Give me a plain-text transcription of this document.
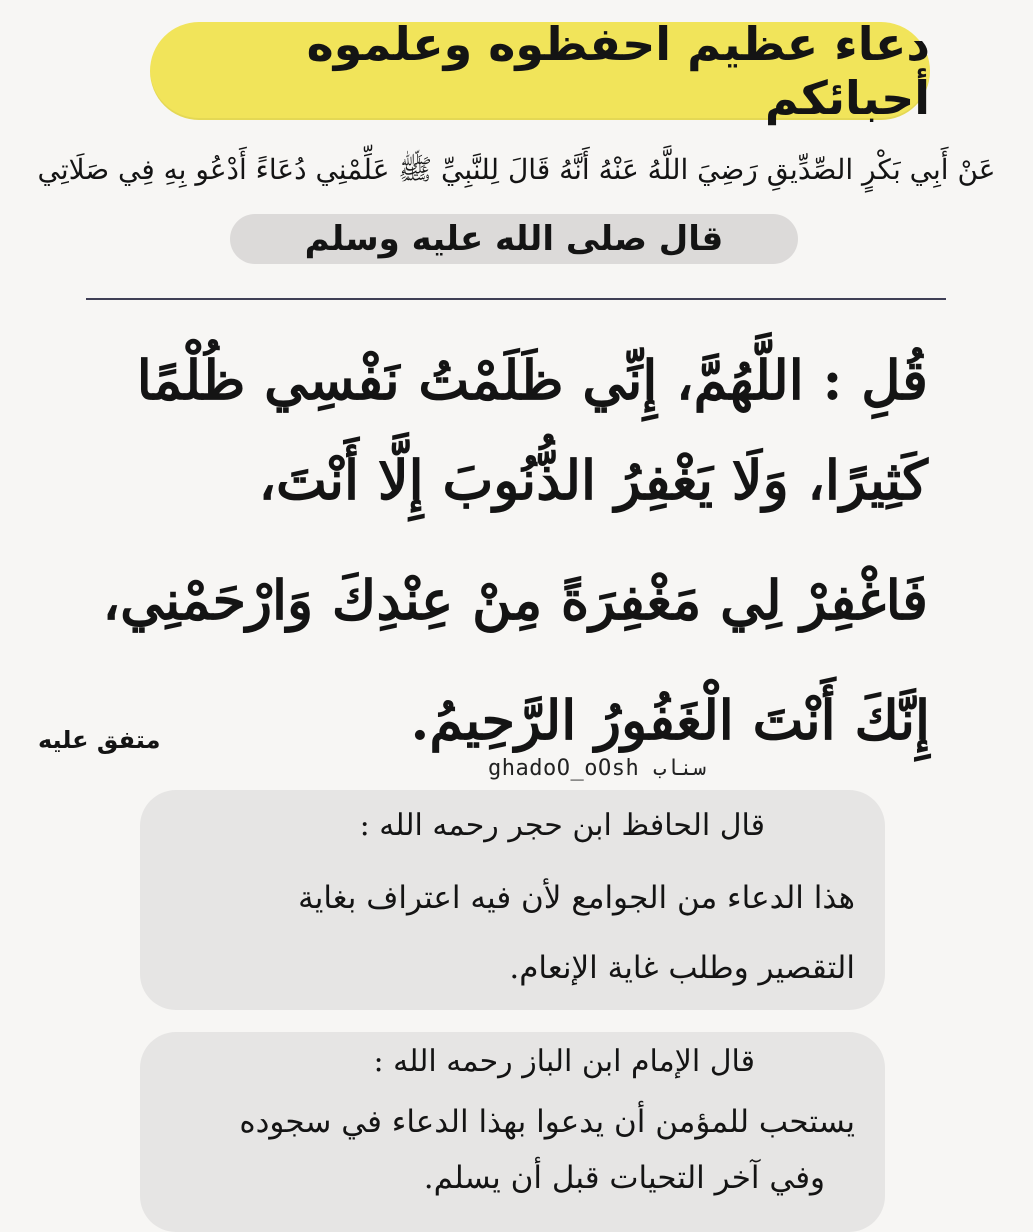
دعاء عظيم احفظوه وعلموه أحبائكم
عَنْ أَبِي بَكْرٍ الصِّدِّيقِ رَضِيَ اللَّهُ عَنْهُ أَنَّهُ قَالَ لِلنَّبِيِّ ﷺ عَلِّمْنِي دُعَاءً أَدْعُو بِهِ فِي صَلَاتِي
قال صلى الله عليه وسلم
قُلِ : اللَّهُمَّ، إِنِّي ظَلَمْتُ نَفْسِي ظُلْمًا
كَثِيرًا، وَلَا يَغْفِرُ الذُّنُوبَ إِلَّا أَنْتَ،
فَاغْفِرْ لِي مَغْفِرَةً مِنْ عِنْدِكَ وَارْحَمْنِي،
إِنَّكَ أَنْتَ الْغَفُورُ الرَّحِيمُ.
متفق عليه
ghadoO_oOsh سناب
قال الحافظ ابن حجر رحمه الله :
هذا الدعاء من الجوامع لأن فيه اعتراف بغاية
التقصير وطلب غاية الإنعام.
قال الإمام ابن الباز رحمه الله :
يستحب للمؤمن أن يدعوا بهذا الدعاء في سجوده
وفي آخر التحيات قبل أن يسلم.
